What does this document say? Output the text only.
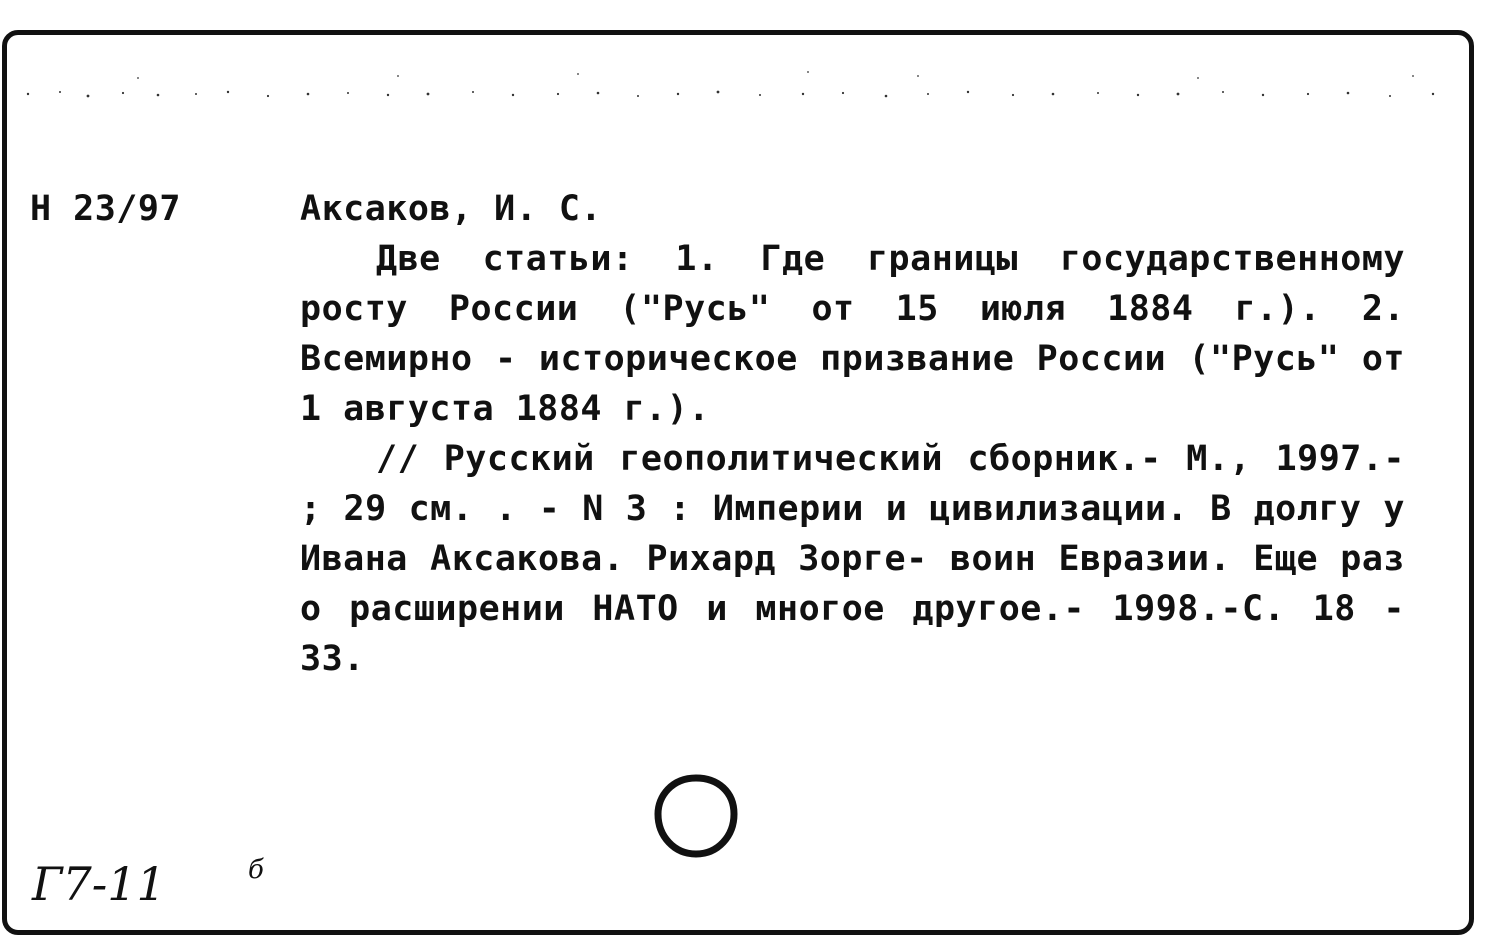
Н 23/97	Аксаков, И. С.
Две статьи: 1. Где границы государственному росту России ("Русь" от 15 июля 1884 г.). 2. Всемирно - историческое призвание России ("Русь" от 1 августа 1884 г.).
// Русский геополитический сборник.- М., 1997.- ; 29 см. . - N 3 : Империи и цивилизации. В долгу у Ивана Аксакова. Рихард Зорге- воин Евразии. Еще раз о расширении НАТО и многое другое.- 1998.-С. 18 - 33.
Г7-11	б
